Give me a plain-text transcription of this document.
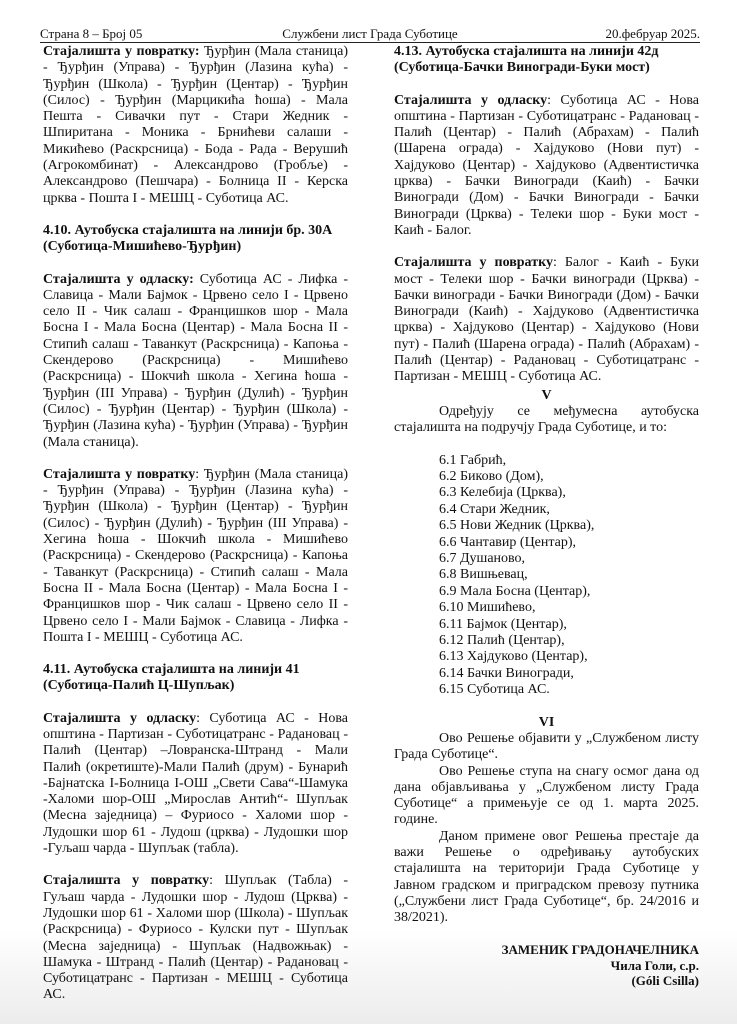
Страна 8 – Број 05	Службени лист Града Суботице	20.фебруар 2025.

Стајалишта у повратку: Ђурђин (Мала станица) - Ђурђин (Управа) - Ђурђин (Лазина кућа) - Ђурђин (Школа) - Ђурђин (Центар) - Ђурђин (Силос) - Ђурђин (Марцикића ћоша) - Мала Пешта - Сивачки пут - Стари Жедник - Шпиритана - Моника - Брнићеви салаши - Микићево (Раскрсница) - Бода - Рада - Верушић (Агрокомбинат) - Александрово (Гробље) - Александрово (Пешчара) - Болница II - Керска црква - Пошта I - МЕШЦ - Суботица АС.

4.10. Аутобуска стајалишта на линији бр. 30А
(Суботица-Мишићево-Ђурђин)

Стајалишта у одласку: Суботица АС - Лифка - Славица - Мали Бајмок - Црвено село I - Црвено село II - Чик салаш - Францишков шор - Мала Босна I - Мала Босна (Центар) - Мала Босна II - Стипић салаш - Таванкут (Раскрсница) - Капоња - Скендерово (Раскрсница) - Мишићево (Раскрсница) - Шокчић школа - Хегина ћоша - Ђурђин (III Управа) - Ђурђин (Дулић) - Ђурђин (Силос) - Ђурђин (Центар) - Ђурђин (Школа) - Ђурђин (Лазина кућа) - Ђурђин (Управа) - Ђурђин (Мала станица).

Стајалишта у повратку: Ђурђин (Мала станица) - Ђурђин (Управа) - Ђурђин (Лазина кућа) - Ђурђин (Школа) - Ђурђин (Центар) - Ђурђин (Силос) - Ђурђин (Дулић) - Ђурђин (III Управа) - Хегина ћоша - Шокчић школа - Мишићево (Раскрсница) - Скендерово (Раскрсница) - Капоња - Таванкут (Раскрсница) - Стипић салаш - Мала Босна II - Мала Босна (Центар) - Мала Босна I - Францишков шор - Чик салаш - Црвено село II - Црвено село I - Мали Бајмок - Славица - Лифка - Пошта I - МЕШЦ - Суботица АС.

4.11. Аутобуска стајалишта на линији 41
(Суботица-Палић Ц-Шупљак)

Стајалишта у одласку: Суботица АС - Нова општина - Партизан - Суботицатранс - Радановац - Палић (Центар) –Ловранска-Штранд - Мали Палић (окретиште)-Мали Палић (друм) - Бунарић -Бајнатска I-Болница I-ОШ „Свети Сава“-Шамука -Халоми шор-ОШ „Мирослав Антић“- Шупљак (Месна заједница) – Фуриосо - Халоми шор - Лудошки шор 61 - Лудош (црква) - Лудошки шор -Гуљаш чарда - Шупљак (табла).

Стајалишта у повратку: Шупљак (Табла) - Гуљаш чарда - Лудошки шор - Лудош (Црква) - Лудошки шор 61 - Халоми шор (Школа) - Шупљак (Раскрсница) - Фуриосо - Кулски пут - Шупљак (Месна заједница) - Шупљак (Надвожњак) - Шамука - Штранд - Палић (Центар) - Радановац - Суботицатранс - Партизан - МЕШЦ - Суботица АС.

4.13. Аутобуска стајалишта на линији 42д
(Суботица-Бачки Виногради-Буки мост)

Стајалишта у одласку: Суботица АС - Нова општина - Партизан - Суботицатранс - Радановац - Палић (Центар) - Палић (Абрахам) - Палић (Шарена ограда) - Хајдуково (Нови пут) - Хајдуково (Центар) - Хајдуково (Адвентистичка црква) - Бачки Виногради (Каић) - Бачки Виногради (Дом) - Бачки Виногради - Бачки Виногради (Црква) - Телеки шор - Буки мост - Каић - Балог.

Стајалишта у повратку: Балог - Каић - Буки мост - Телеки шор - Бачки виногради (Црква) - Бачки виногради - Бачки Виногради (Дом) - Бачки Виногради (Каић) - Хајдуково (Адвентистичка црква) - Хајдуково (Центар) - Хајдуково (Нови пут) - Палић (Шарена ограда) - Палић (Абрахам) - Палић (Центар) - Радановац - Суботицатранс - Партизан - МЕШЦ - Суботица АС.

V

Одређују се међумесна аутобуска стајалишта на подручју Града Суботице, и то:

6.1 Габрић,
6.2 Биково (Дом),
6.3 Келебија (Црква),
6.4 Стари Жедник,
6.5 Нови Жедник (Црква),
6.6 Чантавир (Центар),
6.7 Душаново,
6.8 Вишњевац,
6.9 Мала Босна (Центар),
6.10 Мишићево,
6.11 Бајмок (Центар),
6.12 Палић (Центар),
6.13 Хајдуково (Центар),
6.14 Бачки Виногради,
6.15 Суботица АС.

VI

Ово Решење објавити у „Службеном листу Града Суботице“.

Ово Решење ступа на снагу осмог дана од дана објављивања у „Службеном листу Града Суботице“ а примењује се од 1. марта 2025. године.

Даном примене овог Решења престаје да важи Решење о одређивању аутобуских стајалишта на територији Града Суботице у Јавном градском и приградском превозу путника („Службени лист Града Суботице“, бр. 24/2016 и 38/2021).

ЗАМЕНИК ГРАДОНАЧЕЛНИКА

Чила Голи, с.р.

(Góli Csilla)
